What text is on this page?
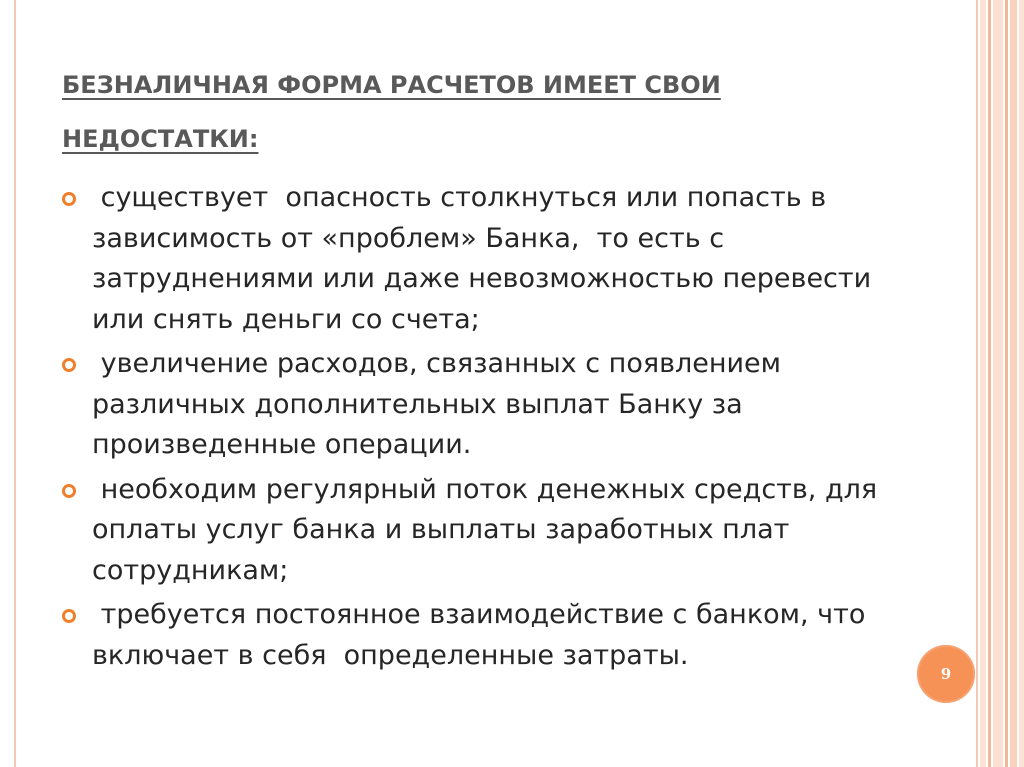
БЕЗНАЛИЧНАЯ ФОРМА РАСЧЕТОВ ИМЕЕТ СВОИ
НЕДОСТАТКИ:
существует  опасность столкнуться или попасть в зависимость от «проблем» Банка,  то есть с затруднениями или даже невозможностью перевести или снять деньги со счета;
увеличение расходов, связанных с появлением различных дополнительных выплат Банку за произведенные операции.
необходим регулярный поток денежных средств, для оплаты услуг банка и выплаты заработных плат сотрудникам;
требуется постоянное взаимодействие с банком, что включает в себя  определенные затраты.
9
